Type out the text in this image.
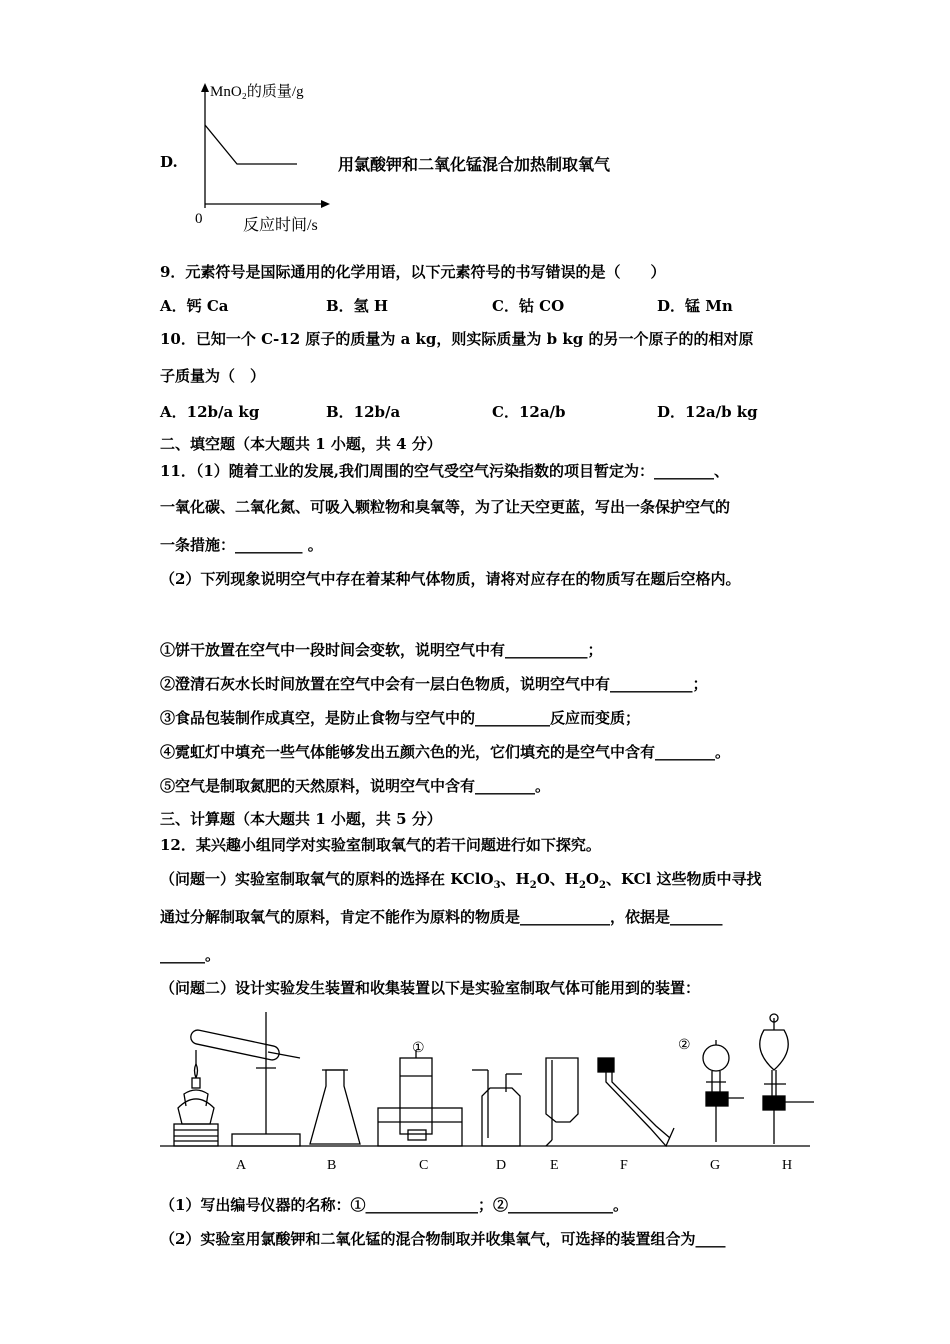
MnO₂的质量/g
0	反应时间/s
D.	用氯酸钾和二氧化锰混合加热制取氧气
9．元素符号是国际通用的化学用语，以下元素符号的书写错误的是（　　）
A．钙 Ca	B．氢 H	C．钴 CO	D．锰 Mn
10．已知一个 C-12 原子的质量为 a kg，则实际质量为 b kg 的另一个原子的的相对原
子质量为（　）
A．12b/a kg	B．12b/a	C．12a/b	D．12a/b kg
二、填空题（本大题共 1 小题，共 4 分）
11．（1）随着工业的发展,我们周围的空气受空气污染指数的项目暂定为：________、
一氧化碳、二氧化氮、可吸入颗粒物和臭氧等，为了让天空更蓝，写出一条保护空气的
一条措施：_________ 。
（2）下列现象说明空气中存在着某种气体物质，请将对应存在的物质写在题后空格内。
①饼干放置在空气中一段时间会变软，说明空气中有___________；
②澄清石灰水长时间放置在空气中会有一层白色物质，说明空气中有___________；
③食品包装制作成真空，是防止食物与空气中的__________反应而变质；
④霓虹灯中填充一些气体能够发出五颜六色的光，它们填充的是空气中含有________。
⑤空气是制取氮肥的天然原料，说明空气中含有________。
三、计算题（本大题共 1 小题，共 5 分）
12．某兴趣小组同学对实验室制取氧气的若干问题进行如下探究。
（问题一）实验室制取氧气的原料的选择在 KClO$_3$、$H_2O$、$H_2O_2$、KCl 这些物质中寻找
通过分解制取氧气的原料，肯定不能作为原料的物质是____________，依据是_______
______。
（问题二）设计实验发生装置和收集装置以下是实验室制取气体可能用到的装置：
①	②
A	B	C	D	E	F	G	H
（1）写出编号仪器的名称：①_______________；②______________。
（2）实验室用氯酸钾和二氧化锰的混合物制取并收集氧气，可选择的装置组合为____
